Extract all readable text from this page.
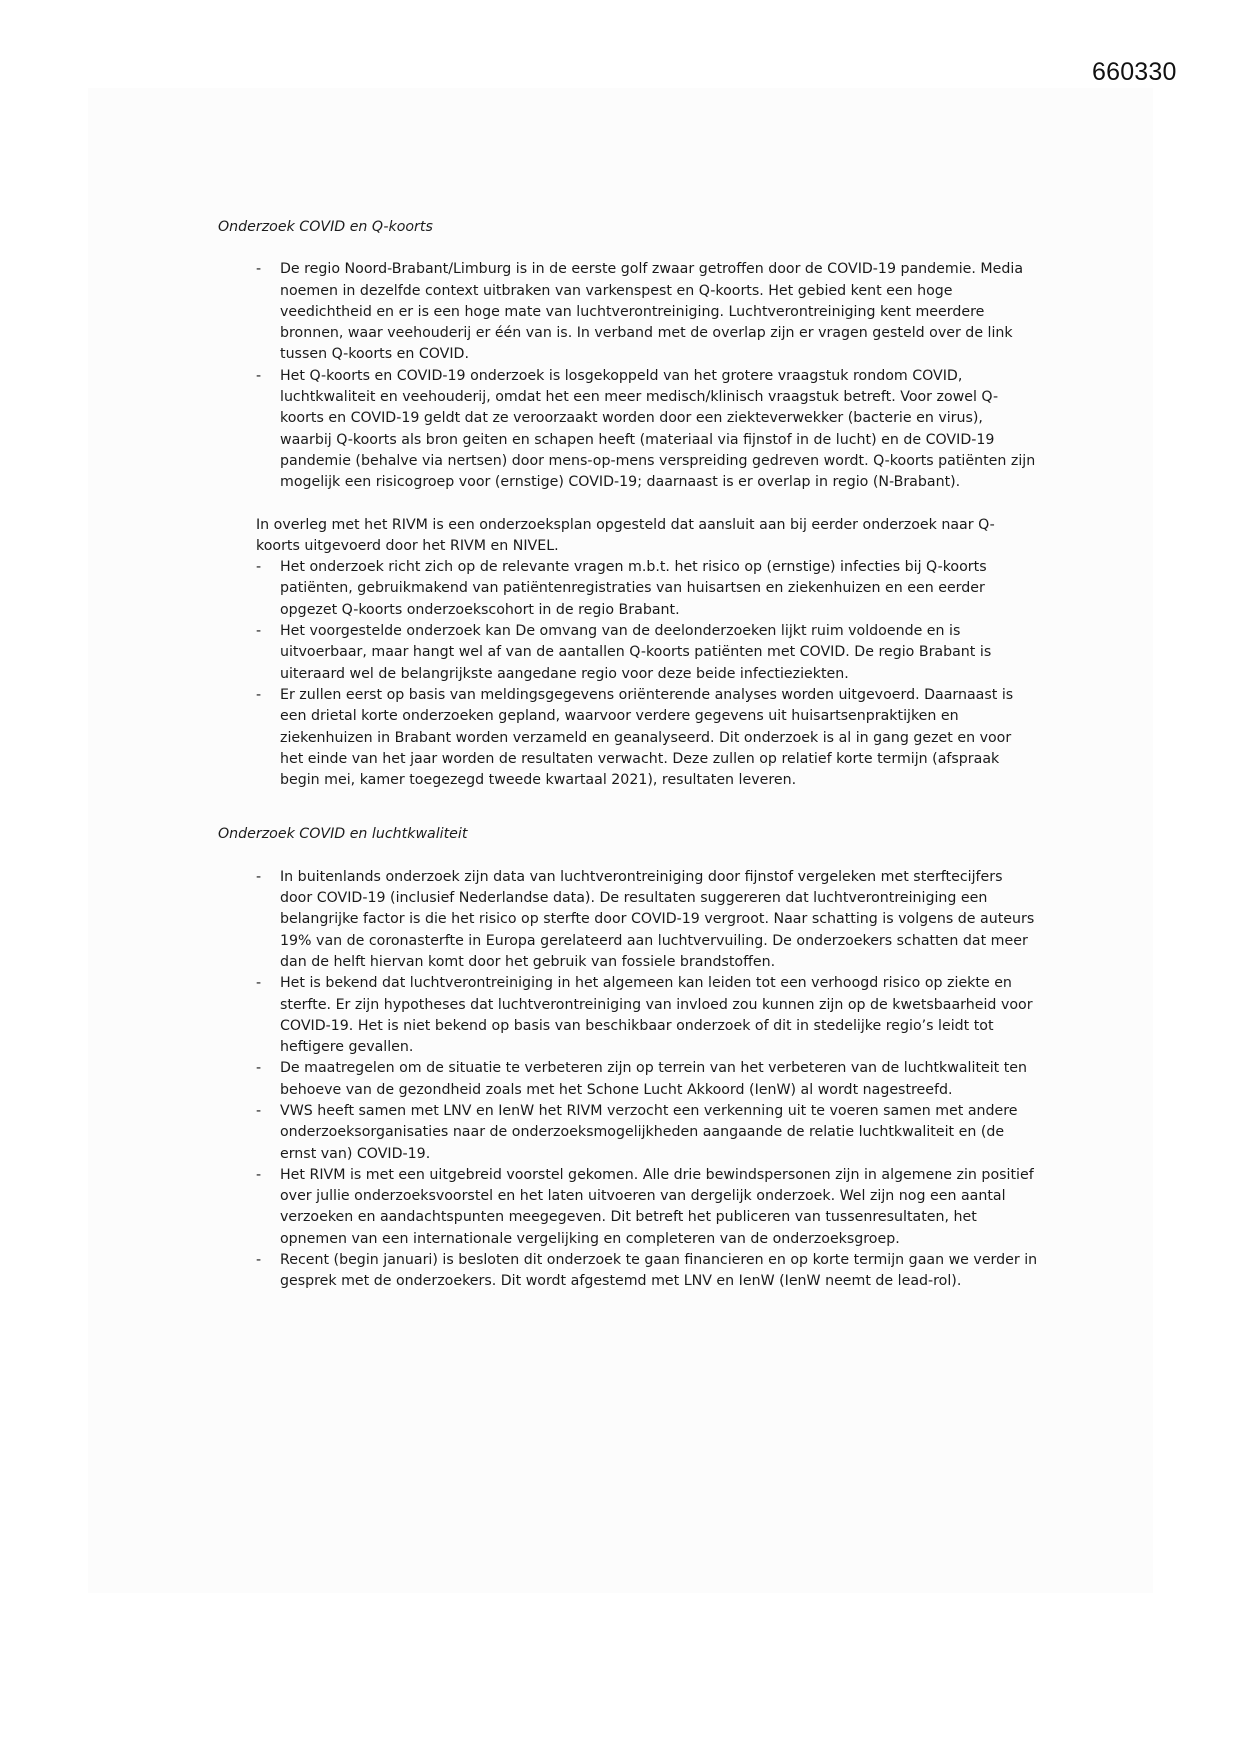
660330
Onderzoek COVID en Q-koorts
- De regio Noord-Brabant/Limburg is in de eerste golf zwaar getroffen door de COVID-19 pandemie. Media noemen in dezelfde context uitbraken van varkenspest en Q-koorts. Het gebied kent een hoge veedichtheid en er is een hoge mate van luchtverontreiniging. Luchtverontreiniging kent meerdere bronnen, waar veehouderij er één van is. In verband met de overlap zijn er vragen gesteld over de link tussen Q-koorts en COVID.
- Het Q-koorts en COVID-19 onderzoek is losgekoppeld van het grotere vraagstuk rondom COVID, luchtkwaliteit en veehouderij, omdat het een meer medisch/klinisch vraagstuk betreft. Voor zowel Q-koorts en COVID-19 geldt dat ze veroorzaakt worden door een ziekteverwekker (bacterie en virus), waarbij Q-koorts als bron geiten en schapen heeft (materiaal via fijnstof in de lucht) en de COVID-19 pandemie (behalve via nertsen) door mens-op-mens verspreiding gedreven wordt. Q-koorts patiënten zijn mogelijk een risicogroep voor (ernstige) COVID-19; daarnaast is er overlap in regio (N-Brabant).

In overleg met het RIVM is een onderzoeksplan opgesteld dat aansluit aan bij eerder onderzoek naar Q-koorts uitgevoerd door het RIVM en NIVEL.

- Het onderzoek richt zich op de relevante vragen m.b.t. het risico op (ernstige) infecties bij Q-koorts patiënten, gebruikmakend van patiëntenregistraties van huisartsen en ziekenhuizen en een eerder opgezet Q-koorts onderzoekscohort in de regio Brabant.
- Het voorgestelde onderzoek kan De omvang van de deelonderzoeken lijkt ruim voldoende en is uitvoerbaar, maar hangt wel af van de aantallen Q-koorts patiënten met COVID. De regio Brabant is uiteraard wel de belangrijkste aangedane regio voor deze beide infectieziekten.
- Er zullen eerst op basis van meldingsgegevens oriënterende analyses worden uitgevoerd. Daarnaast is een drietal korte onderzoeken gepland, waarvoor verdere gegevens uit huisartsenpraktijken en ziekenhuizen in Brabant worden verzameld en geanalyseerd. Dit onderzoek is al in gang gezet en voor het einde van het jaar worden de resultaten verwacht. Deze zullen op relatief korte termijn (afspraak begin mei, kamer toegezegd tweede kwartaal 2021), resultaten leveren.
Onderzoek COVID en luchtkwaliteit
- In buitenlands onderzoek zijn data van luchtverontreiniging door fijnstof vergeleken met sterftecijfers door COVID-19 (inclusief Nederlandse data). De resultaten suggereren dat luchtverontreiniging een belangrijke factor is die het risico op sterfte door COVID-19 vergroot. Naar schatting is volgens de auteurs 19% van de coronasterfte in Europa gerelateerd aan luchtvervuiling. De onderzoekers schatten dat meer dan de helft hiervan komt door het gebruik van fossiele brandstoffen.
- Het is bekend dat luchtverontreiniging in het algemeen kan leiden tot een verhoogd risico op ziekte en sterfte. Er zijn hypotheses dat luchtverontreiniging van invloed zou kunnen zijn op de kwetsbaarheid voor COVID-19. Het is niet bekend op basis van beschikbaar onderzoek of dit in stedelijke regio’s leidt tot heftigere gevallen.
- De maatregelen om de situatie te verbeteren zijn op terrein van het verbeteren van de luchtkwaliteit ten behoeve van de gezondheid zoals met het Schone Lucht Akkoord (IenW) al wordt nagestreefd.
- VWS heeft samen met LNV en IenW het RIVM verzocht een verkenning uit te voeren samen met andere onderzoeksorganisaties naar de onderzoeksmogelijkheden aangaande de relatie luchtkwaliteit en (de ernst van) COVID-19.
- Het RIVM is met een uitgebreid voorstel gekomen. Alle drie bewindspersonen zijn in algemene zin positief over jullie onderzoeksvoorstel en het laten uitvoeren van dergelijk onderzoek. Wel zijn nog een aantal verzoeken en aandachtspunten meegegeven. Dit betreft het publiceren van tussenresultaten, het opnemen van een internationale vergelijking en completeren van de onderzoeksgroep.
- Recent (begin januari) is besloten dit onderzoek te gaan financieren en op korte termijn gaan we verder in gesprek met de onderzoekers. Dit wordt afgestemd met LNV en IenW (IenW neemt de lead-rol).
